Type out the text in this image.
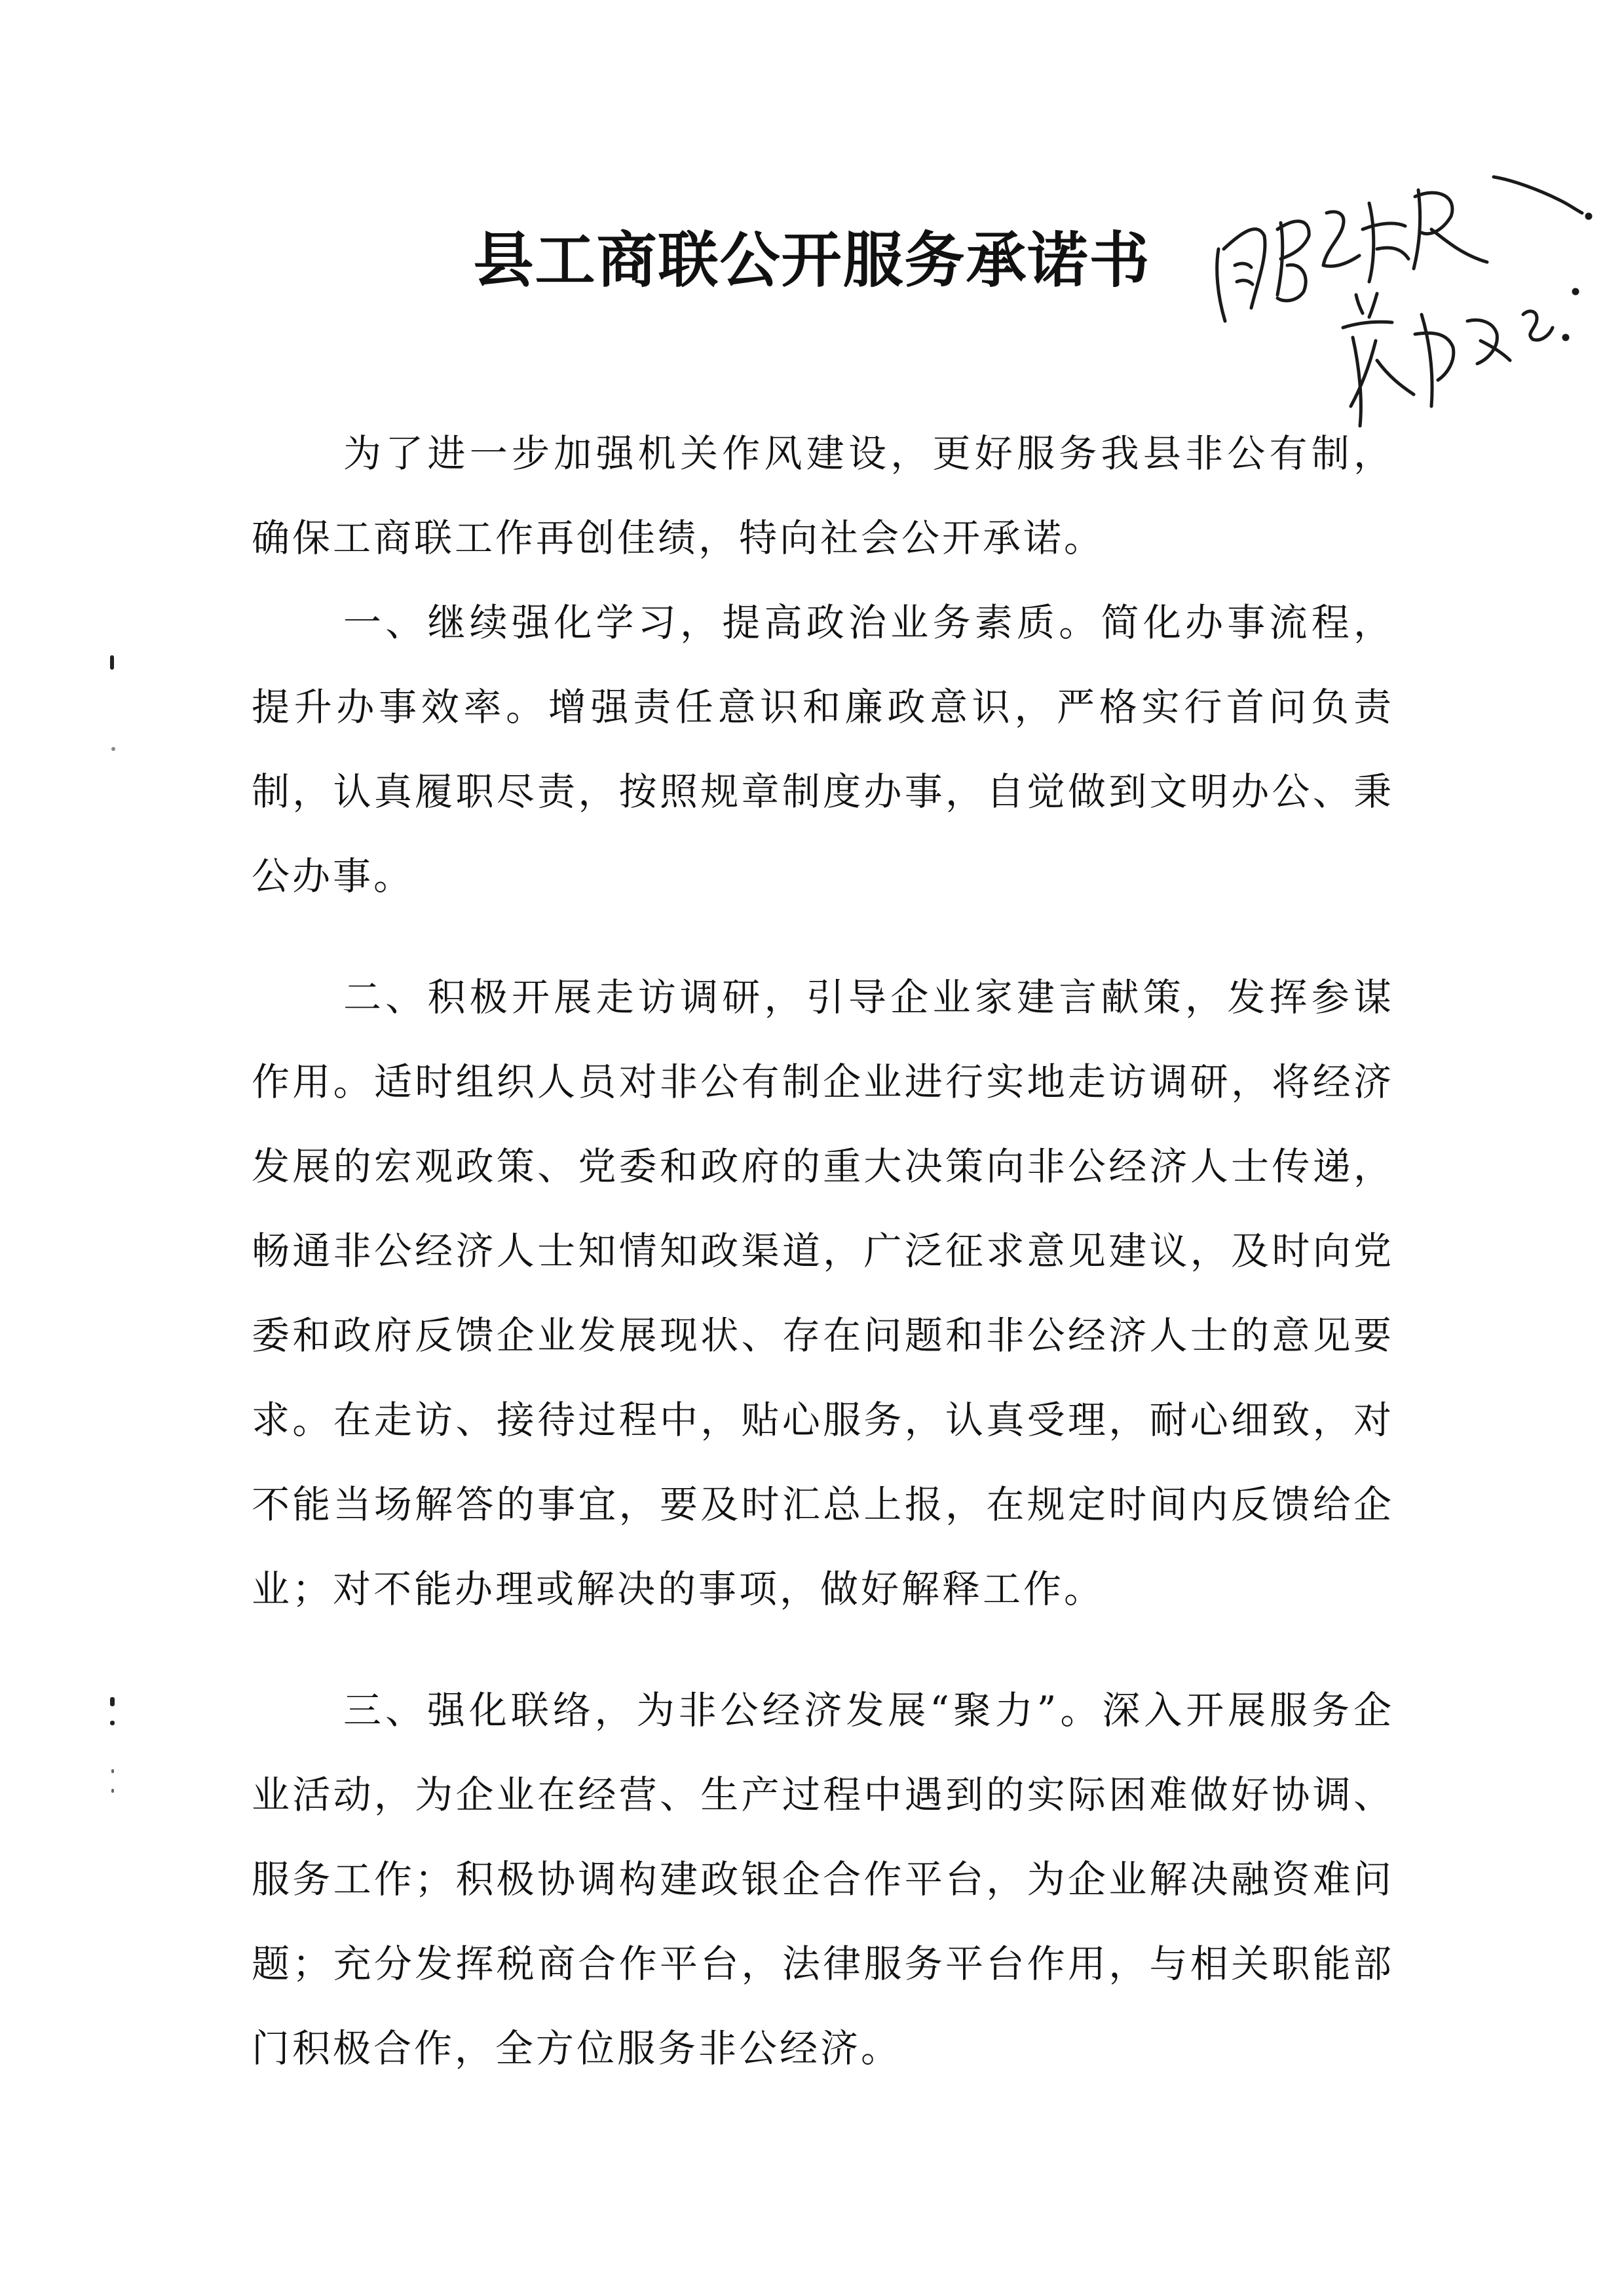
县工商联公开服务承诺书

为了进一步加强机关作风建设，更好服务我县非公有制，确保工商联工作再创佳绩，特向社会公开承诺。

一、继续强化学习，提高政治业务素质。简化办事流程，提升办事效率。增强责任意识和廉政意识，严格实行首问负责制，认真履职尽责，按照规章制度办事，自觉做到文明办公、秉公办事。

二、积极开展走访调研，引导企业家建言献策，发挥参谋作用。适时组织人员对非公有制企业进行实地走访调研，将经济发展的宏观政策、党委和政府的重大决策向非公经济人士传递，畅通非公经济人士知情知政渠道，广泛征求意见建议，及时向党委和政府反馈企业发展现状、存在问题和非公经济人士的意见要求。在走访、接待过程中，贴心服务，认真受理，耐心细致，对不能当场解答的事宜，要及时汇总上报，在规定时间内反馈给企业；对不能办理或解决的事项，做好解释工作。

三、强化联络，为非公经济发展“聚力”。深入开展服务企业活动，为企业在经营、生产过程中遇到的实际困难做好协调、服务工作；积极协调构建政银企合作平台，为企业解决融资难问题；充分发挥税商合作平台，法律服务平台作用，与相关职能部门积极合作，全方位服务非公经济。
